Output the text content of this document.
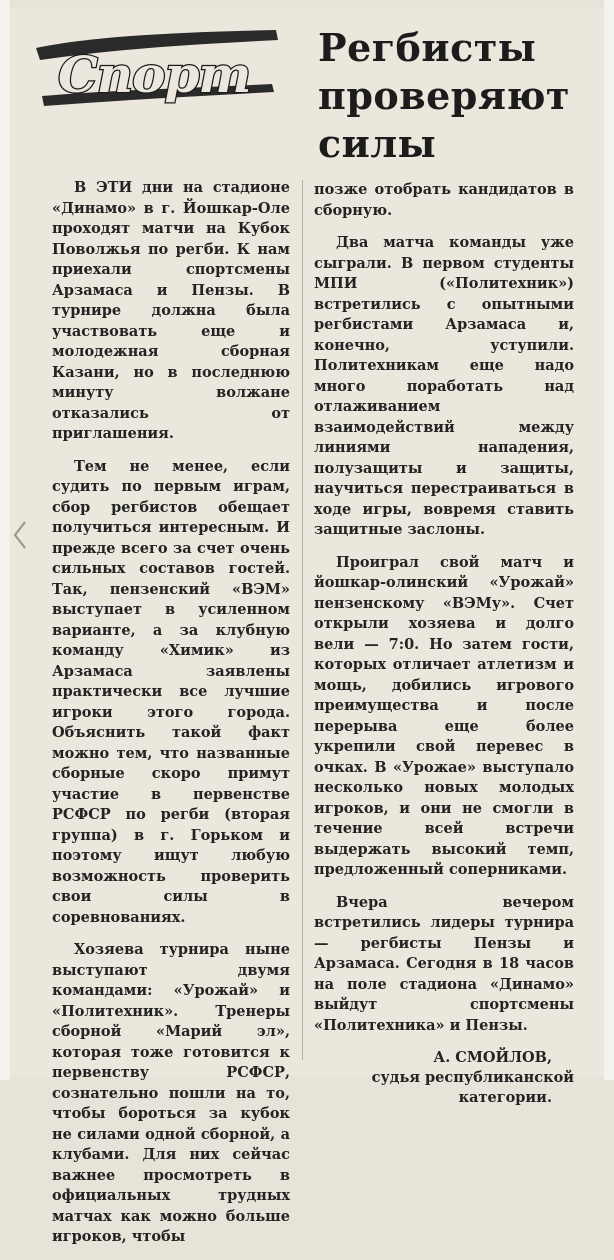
Спорт Регбисты
проверяют
силы

В ЭТИ дни на стадионе «Динамо» в г. Йошкар-Оле проходят матчи на Кубок Поволжья по регби. К нам приехали спортсмены Арзамаса и Пензы. В турнире должна была участвовать еще и молодежная сборная Казани, но в последнюю минуту волжане отказались от приглашения.

Тем не менее, если судить по первым играм, сбор регбистов обещает получиться интересным. И прежде всего за счет очень сильных составов гостей. Так, пензенский «ВЭМ» выступает в усиленном варианте, а за клубную команду «Химик» из Арзамаса заявлены практически все лучшие игроки этого города. Объяснить такой факт можно тем, что названные сборные скоро примут участие в первенстве РСФСР по регби (вторая группа) в г. Горьком и поэтому ищут любую возможность проверить свои силы в соревнованиях.

Хозяева турнира ныне выступают двумя командами: «Урожай» и «Политехник». Тренеры сборной «Марий эл», которая тоже готовится к первенству РСФСР, сознательно пошли на то, чтобы бороться за кубок не силами одной сборной, а клубами. Для них сейчас важнее просмотреть в официальных трудных матчах как можно больше игроков, чтобы

позже отобрать кандидатов в сборную.

Два матча команды уже сыграли. В первом студенты МПИ («Политехник») встретились с опытными регбистами Арзамаса и, конечно, уступили. Политехникам еще надо много поработать над отлаживанием взаимодействий между линиями нападения, полузащиты и защиты, научиться перестраиваться в ходе игры, вовремя ставить защитные заслоны.

Проиграл свой матч и йошкар-олинский «Урожай» пензенскому «ВЭМу». Счет открыли хозяева и долго вели — 7:0. Но затем гости, которых отличает атлетизм и мощь, добились игрового преимущества и после перерыва еще более укрепили свой перевес в очках. В «Урожае» выступало несколько новых молодых игроков, и они не смогли в течение всей встречи выдержать высокий темп, предложенный соперниками.

Вчера вечером встретились лидеры турнира — регбисты Пензы и Арзамаса. Сегодня в 18 часов на поле стадиона «Динамо» выйдут спортсмены «Политехника» и Пензы.

А. СМОЙЛОВ,
судья республиканской
категории.
